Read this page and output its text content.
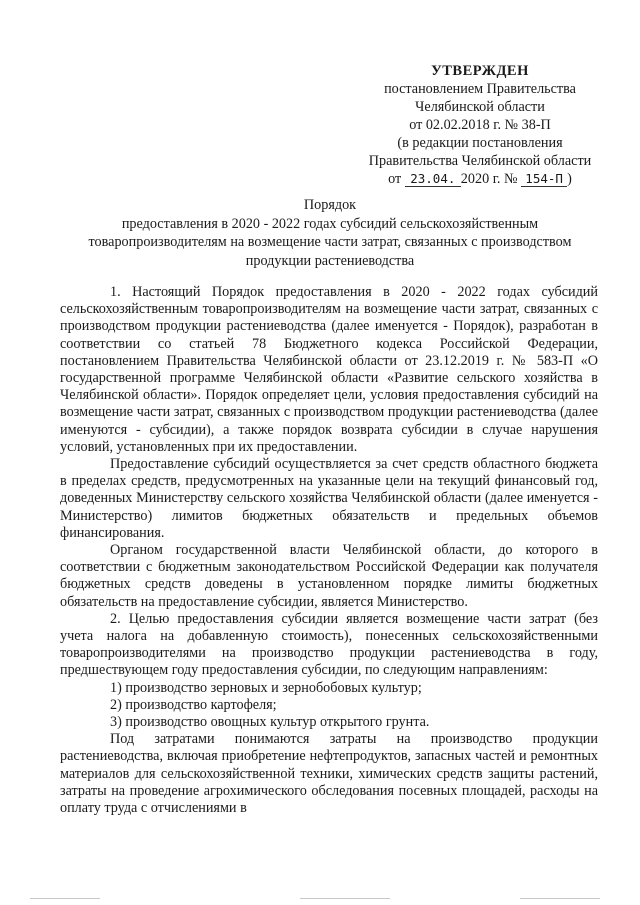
УТВЕРЖДЕН
постановлением Правительства
Челябинской области
от 02.02.2018 г. № 38-П
(в редакции постановления
Правительства Челябинской области
от 23.04. 2020 г. № 154-П )
Порядок
предоставления в 2020 - 2022 годах субсидий сельскохозяйственным
товаропроизводителям на возмещение части затрат, связанных с производством
продукции растениеводства

1. Настоящий Порядок предоставления в 2020 - 2022 годах субсидий сельскохозяйственным товаропроизводителям на возмещение части затрат, связанных с производством продукции растениеводства (далее именуется - Порядок), разработан в соответствии со статьей 78 Бюджетного кодекса Российской Федерации, постановлением Правительства Челябинской области от 23.12.2019 г. № 583-П «О государственной программе Челябинской области «Развитие сельского хозяйства в Челябинской области». Порядок определяет цели, условия предоставления субсидий на возмещение части затрат, связанных с производством продукции растениеводства (далее именуются - субсидии), а также порядок возврата субсидии в случае нарушения условий, установленных при их предоставлении.

Предоставление субсидий осуществляется за счет средств областного бюджета в пределах средств, предусмотренных на указанные цели на текущий финансовый год, доведенных Министерству сельского хозяйства Челябинской области (далее именуется - Министерство) лимитов бюджетных обязательств и предельных объемов финансирования.

Органом государственной власти Челябинской области, до которого в соответствии с бюджетным законодательством Российской Федерации как получателя бюджетных средств доведены в установленном порядке лимиты бюджетных обязательств на предоставление субсидии, является Министерство.

2. Целью предоставления субсидии является возмещение части затрат (без учета налога на добавленную стоимость), понесенных сельскохозяйственными товаропроизводителями на производство продукции растениеводства в году, предшествующем году предоставления субсидии, по следующим направлениям:

1) производство зерновых и зернобобовых культур;

2) производство картофеля;

3) производство овощных культур открытого грунта.

Под затратами понимаются затраты на производство продукции растениеводства, включая приобретение нефтепродуктов, запасных частей и ремонтных материалов для сельскохозяйственной техники, химических средств защиты растений, затраты на проведение агрохимического обследования посевных площадей, расходы на оплату труда с отчислениями в
